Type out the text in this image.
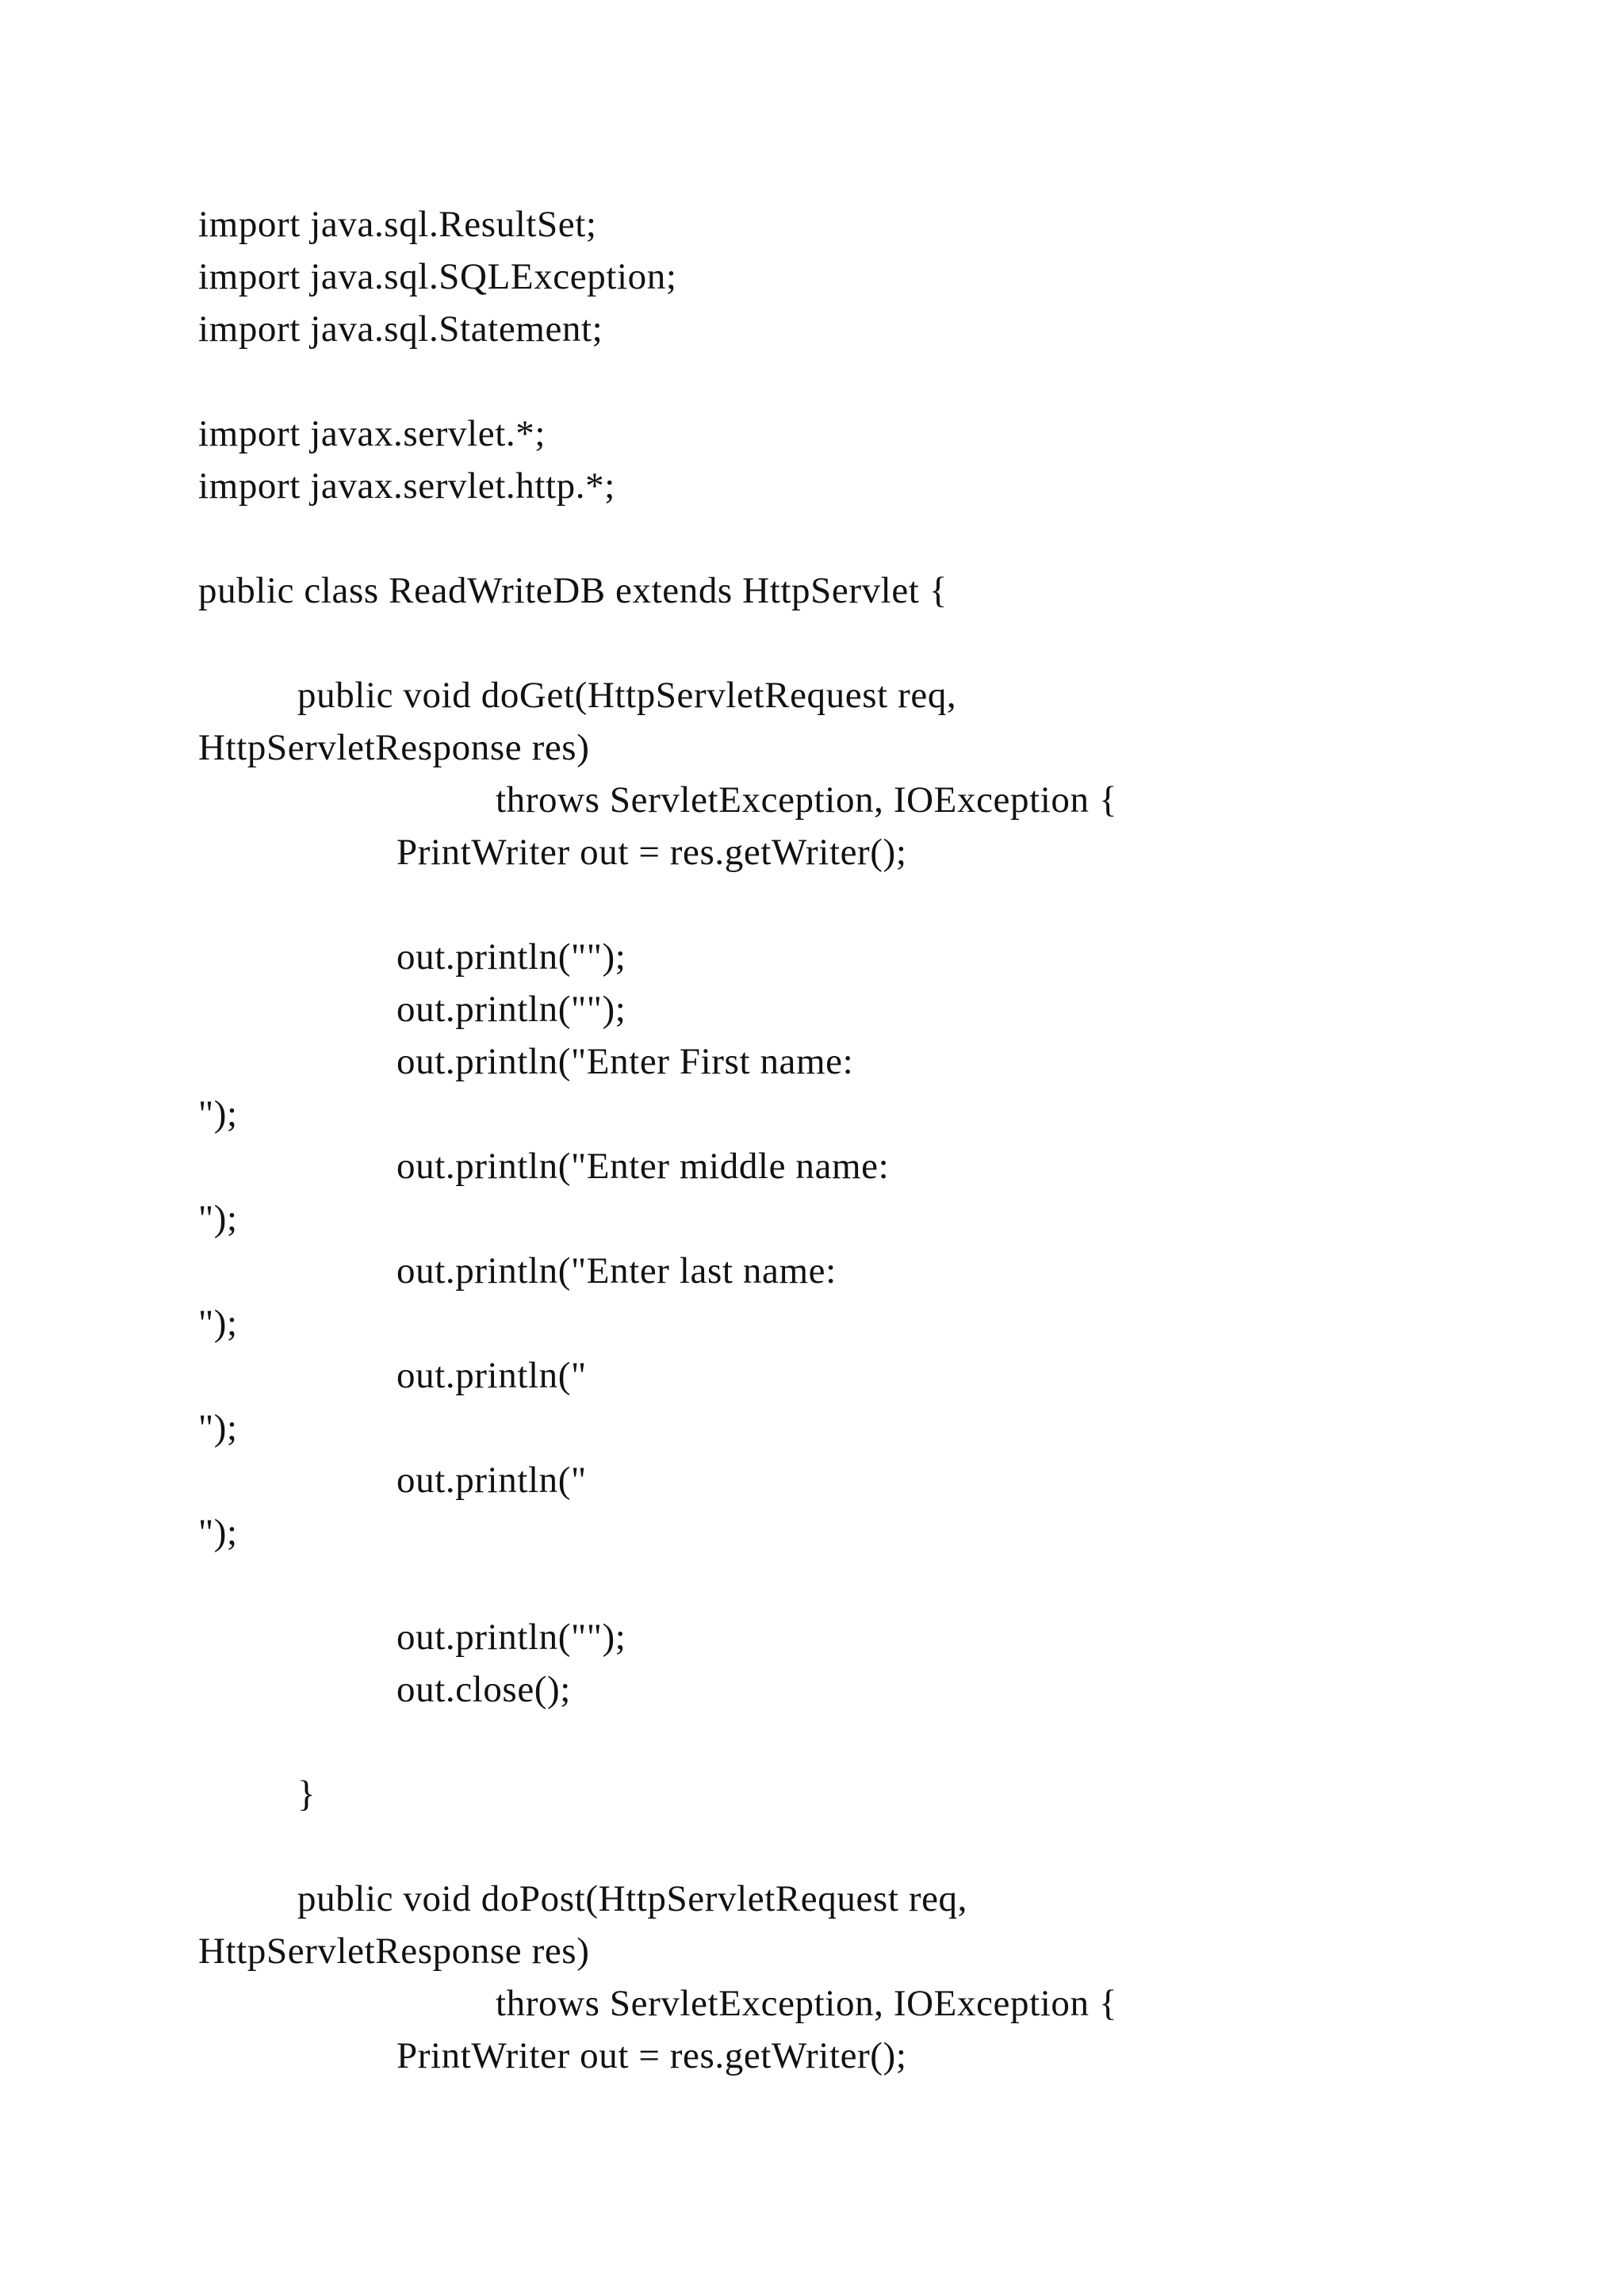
import java.sql.ResultSet;
import java.sql.SQLException;
import java.sql.Statement;
import javax.servlet.*;
import javax.servlet.http.*;
public class ReadWriteDB extends HttpServlet {
public void doGet(HttpServletRequest req,
HttpServletResponse res)
throws ServletException, IOException {
PrintWriter out = res.getWriter();
out.println("");
out.println("");
out.println("Enter First name:
");
out.println("Enter middle name:
");
out.println("Enter last name:
");
out.println("
");
out.println("
");
out.println("");
out.close();
}
public void doPost(HttpServletRequest req,
HttpServletResponse res)
throws ServletException, IOException {
PrintWriter out = res.getWriter();
